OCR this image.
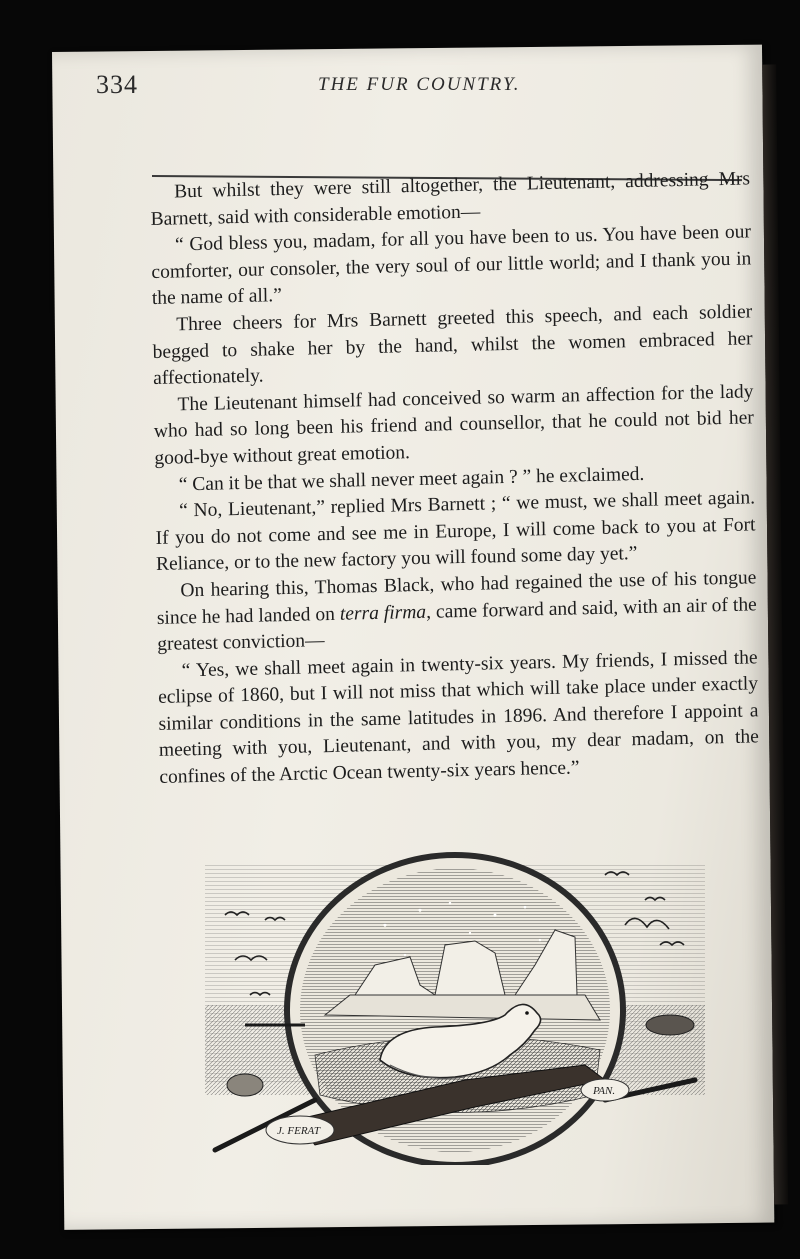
334	THE FUR COUNTRY.

But whilst they were still altogether, the Lieutenant, addressing Mrs Barnett, said with considerable emotion—

“ God bless you, madam, for all you have been to us. You have been our comforter, our consoler, the very soul of our little world; and I thank you in the name of all.”

Three cheers for Mrs Barnett greeted this speech, and each soldier begged to shake her by the hand, whilst the women embraced her affectionately.

The Lieutenant himself had conceived so warm an affection for the lady who had so long been his friend and counsellor, that he could not bid her good-bye without great emotion.

“ Can it be that we shall never meet again ? ” he exclaimed.

“ No, Lieutenant,” replied Mrs Barnett ; “ we must, we shall meet again. If you do not come and see me in Europe, I will come back to you at Fort Reliance, or to the new factory you will found some day yet.”

On hearing this, Thomas Black, who had regained the use of his tongue since he had landed on terra firma, came forward and said, with an air of the greatest conviction—

“ Yes, we shall meet again in twenty-six years. My friends, I missed the eclipse of 1860, but I will not miss that which will take place under exactly similar conditions in the same latitudes in 1896. And therefore I appoint a meeting with you, Lieutenant, and with you, my dear madam, on the confines of the Arctic Ocean twenty-six years hence.”

J. FERAT
PAN.
